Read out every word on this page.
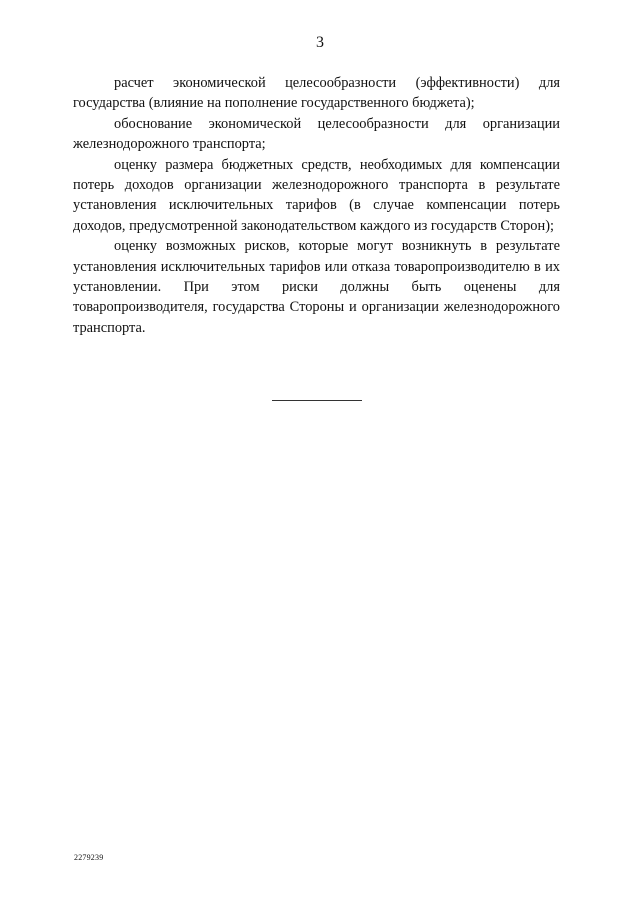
3

расчет экономической целесообразности (эффективности) для государства (влияние на пополнение государственного бюджета);

обоснование экономической целесообразности для организации железнодорожного транспорта;

оценку размера бюджетных средств, необходимых для компенсации потерь доходов организации железнодорожного транспорта в результате установления исключительных тарифов (в случае компенсации потерь доходов, предусмотренной законодательством каждого из государств Сторон);

оценку возможных рисков, которые могут возникнуть в результате установления исключительных тарифов или отказа товаропроизводителю в их установлении. При этом риски должны быть оценены для товаропроизводителя, государства Стороны и организации железнодорожного транспорта.

2279239
